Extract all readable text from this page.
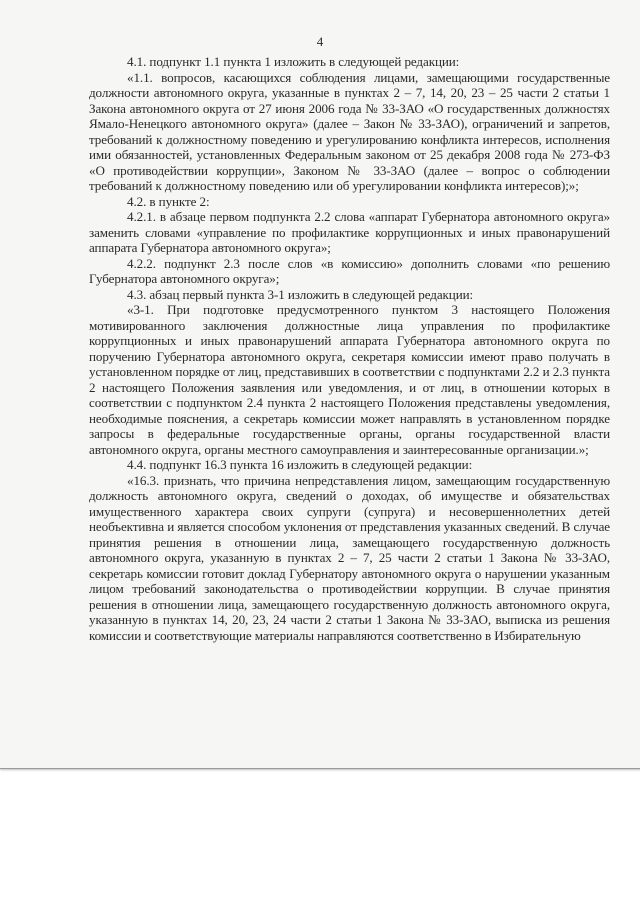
4

4.1. подпункт 1.1 пункта 1 изложить в следующей редакции:

«1.1. вопросов, касающихся соблюдения лицами, замещающими государственные должности автономного округа, указанные в пунктах 2 – 7, 14, 20, 23 – 25 части 2 статьи 1 Закона автономного округа от 27 июня 2006 года № 33-ЗАО «О государственных должностях Ямало-Ненецкого автономного округа» (далее – Закон № 33-ЗАО), ограничений и запретов, требований к должностному поведению и урегулированию конфликта интересов, исполнения ими обязанностей, установленных Федеральным законом от 25 декабря 2008 года № 273-ФЗ «О противодействии коррупции», Законом № 33-ЗАО (далее – вопрос о соблюдении требований к должностному поведению или об урегулировании конфликта интересов);»;

4.2. в пункте 2:

4.2.1. в абзаце первом подпункта 2.2 слова «аппарат Губернатора автономного округа» заменить словами «управление по профилактике коррупционных и иных правонарушений аппарата Губернатора автономного округа»;

4.2.2. подпункт 2.3 после слов «в комиссию» дополнить словами «по решению Губернатора автономного округа»;

4.3. абзац первый пункта 3-1 изложить в следующей редакции:

«3-1. При подготовке предусмотренного пунктом 3 настоящего Положения мотивированного заключения должностные лица управления по профилактике коррупционных и иных правонарушений аппарата Губернатора автономного округа по поручению Губернатора автономного округа, секретаря комиссии имеют право получать в установленном порядке от лиц, представивших в соответствии с подпунктами 2.2 и 2.3 пункта 2 настоящего Положения заявления или уведомления, и от лиц, в отношении которых в соответствии с подпунктом 2.4 пункта 2 настоящего Положения представлены уведомления, необходимые пояснения, а секретарь комиссии может направлять в установленном порядке запросы в федеральные государственные органы, органы государственной власти автономного округа, органы местного самоуправления и заинтересованные организации.»;

4.4. подпункт 16.3 пункта 16 изложить в следующей редакции:

«16.3. признать, что причина непредставления лицом, замещающим государственную должность автономного округа, сведений о доходах, об имуществе и обязательствах имущественного характера своих супруги (супруга) и несовершеннолетних детей необъективна и является способом уклонения от представления указанных сведений. В случае принятия решения в отношении лица, замещающего государственную должность автономного округа, указанную в пунктах 2 – 7, 25 части 2 статьи 1 Закона № 33-ЗАО, секретарь комиссии готовит доклад Губернатору автономного округа о нарушении указанным лицом требований законодательства о противодействии коррупции. В случае принятия решения в отношении лица, замещающего государственную должность автономного округа, указанную в пунктах 14, 20, 23, 24 части 2 статьи 1 Закона № 33-ЗАО, выписка из решения комиссии и соответствующие материалы направляются соответственно в Избирательную
